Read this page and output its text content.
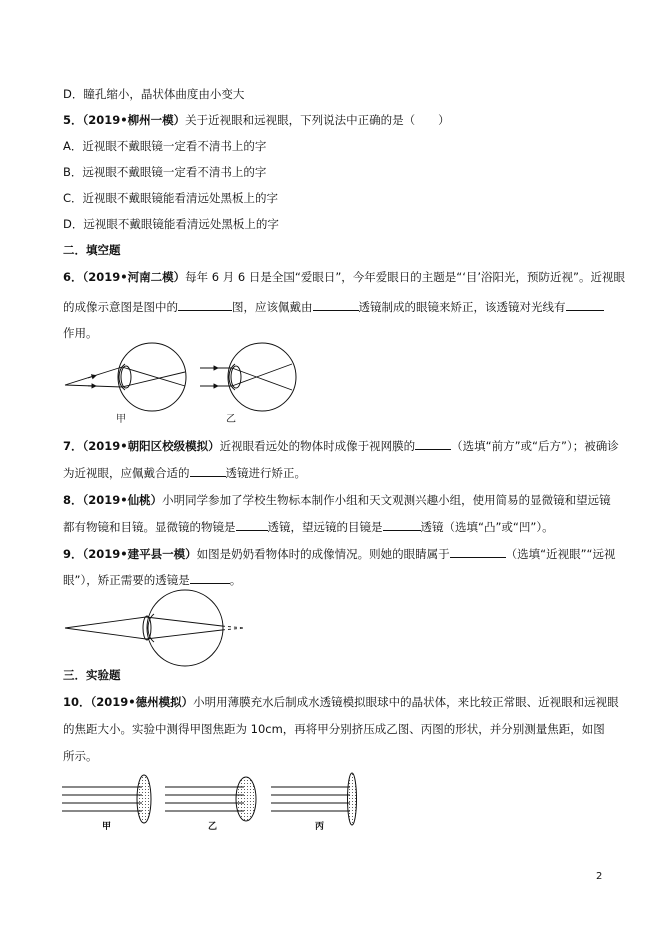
D．瞳孔缩小，晶状体曲度由小变大
5．（2019•柳州一模）关于近视眼和远视眼，下列说法中正确的是（　　）
A．近视眼不戴眼镜一定看不清书上的字
B．远视眼不戴眼镜一定看不清书上的字
C．近视眼不戴眼镜能看清远处黑板上的字
D．远视眼不戴眼镜能看清远处黑板上的字
二．填空题
6．（2019•河南二模）每年 6 月 6 日是全国“爱眼日”，今年爱眼日的主题是“‘目’浴阳光，预防近视”。近视眼
的成像示意图是图中的	图，应该佩戴由	透镜制成的眼镜来矫正，该透镜对光线有
作用。
甲	乙
7．（2019•朝阳区校级模拟）近视眼看远处的物体时成像于视网膜的	（选填“前方”或“后方”）；被确诊
为近视眼，应佩戴合适的	透镜进行矫正。
8．（2019•仙桃）小明同学参加了学校生物标本制作小组和天文观测兴趣小组，使用简易的显微镜和望远镜
都有物镜和目镜。显微镜的物镜是	透镜，望远镜的目镜是	透镜（选填“凸”或“凹”）。
9．（2019•建平县一模）如图是奶奶看物体时的成像情况。则她的眼睛属于	（选填“近视眼”“远视
眼”），矫正需要的透镜是	。
三．实验题
10．（2019•德州模拟）小明用薄膜充水后制成水透镜模拟眼球中的晶状体，来比较正常眼、近视眼和远视眼
的焦距大小。实验中测得甲图焦距为 10cm，再将甲分别挤压成乙图、丙图的形状，并分别测量焦距，如图
所示。
甲	乙	丙
2
